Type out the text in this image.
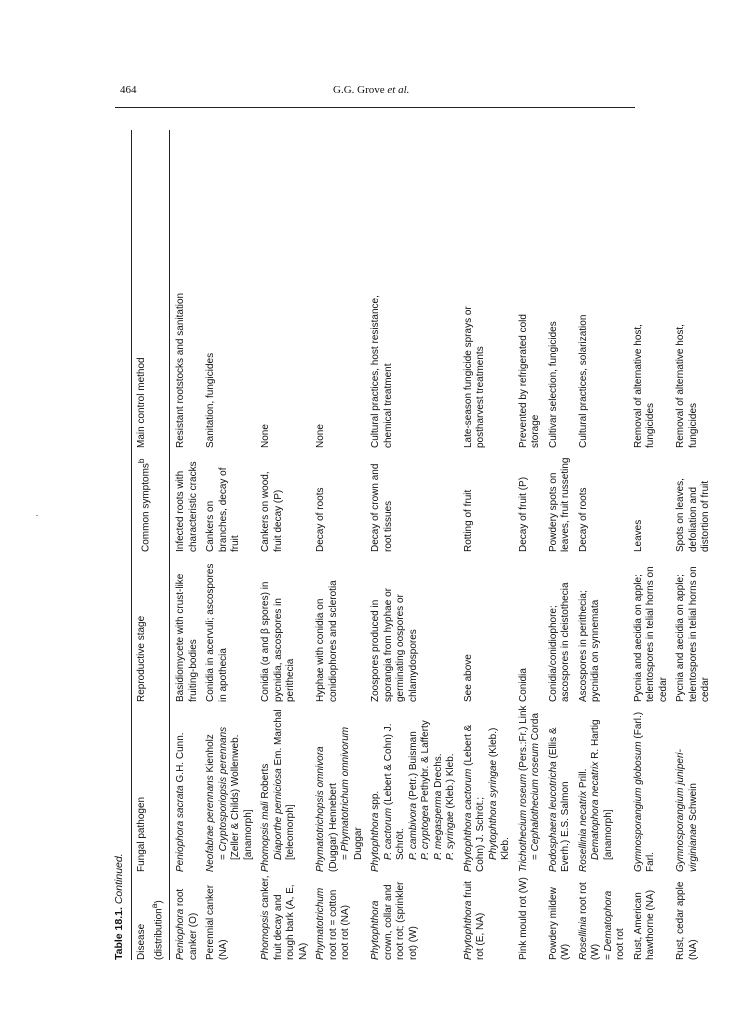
464	G.G. Grove et al.
Table 18.1. Continued.
Disease (distribution$^a$)
Fungal pathogen
Reproductive stage
Common symptoms$^b$
Main control method
Peniophora root canker (O)
Peniophora sacrata G.H. Cunn.
Basidiomycete with crust-like fruiting-bodies
Infected roots with characteristic cracks
Resistant rootstocks and sanitation
Perennial canker (NA)
Neofabrae perennans Kienholz
= Cryptosporiopsis perennans [Zeller & Childs) Wollenweb. [anamorph]
Conidia in acervuli; ascospores in apothecia
Cankers on branches, decay of fruit
Sanitation, fungicides
Phomopsis canker, fruit decay and rough bark (A, E, NA)
Phomopsis mali Roberts Diaporthe perniciosa Em. Marchal [teleomorph]
Conidia (α and β spores) in pycnidia, ascospores in perithecia
Cankers on wood, fruit decay (P)
None
Phymatotrichum root rot = cotton root rot (NA)
Phymatotrichopsis omnivora (Duggar) Hennebert = Phymatotrichum omnivorum Duggar
Hyphae with conidia on conidiophores and sclerotia
Decay of roots
None
Phytophthora crown, collar and root rot; (sprinkler rot) (W)
Phytophthora spp.
P. cactorum (Lebert & Cohn) J. Schröt. P. cambivora (Petr.) Buisman
P. cryptogea Pethybr. & Lafferty
P. megasperma Drechs.
P. syringae (Kleb.) Kleb.
Zoospores produced in sporangia from hyphae or germinating oospores or chlamydospores
Decay of crown and root tissues
Cultural practices, host resistance, chemical treatment
Phytophthora fruit rot (E, NA)
Phytophthora cactorum (Lebert & Cohn) J. Schröt.; Phytophthora syringae (Kleb.) Kleb.
See above
Rotting of fruit
Late-season fungicide sprays or postharvest treatments
Pink mould rot (W)
Trichothecium roseum (Pers.:Fr.) Link
= Cephalothecium roseum Corda
Conidia
Decay of fruit (P)
Prevented by refrigerated cold storage
Powdery mildew (W)
Podosphaera leucotricha (Ellis & Everh.) E.S. Salmon
Conidia/conidiophore; ascospores in cleistothecia
Powdery spots on leaves, fruit russeting
Cultivar selection, fungicides
Rosellinia root rot (W) = Dematophora root rot
Rosellinia necatrix Prill. Dematophora necatrix R. Hartig [anamorph]
Ascospores in perithecia; pycnidia on synnemata
Decay of roots
Cultural practices, solarization
Rust, American hawthorne (NA)
Gymnosporangium globosum (Farl.) Farl.
Pycnia and aecidia on apple; telentospores in telial horns on cedar
Leaves
Removal of alternative host, fungicides
Rust, cedar apple (NA)
Gymnosporangium juniperi-virginianae Schwein
Pycnia and aecidia on apple; telentospores in telial horns on cedar
Spots on leaves, defoliation and distortion of fruit
Removal of alternative host, fungicides
